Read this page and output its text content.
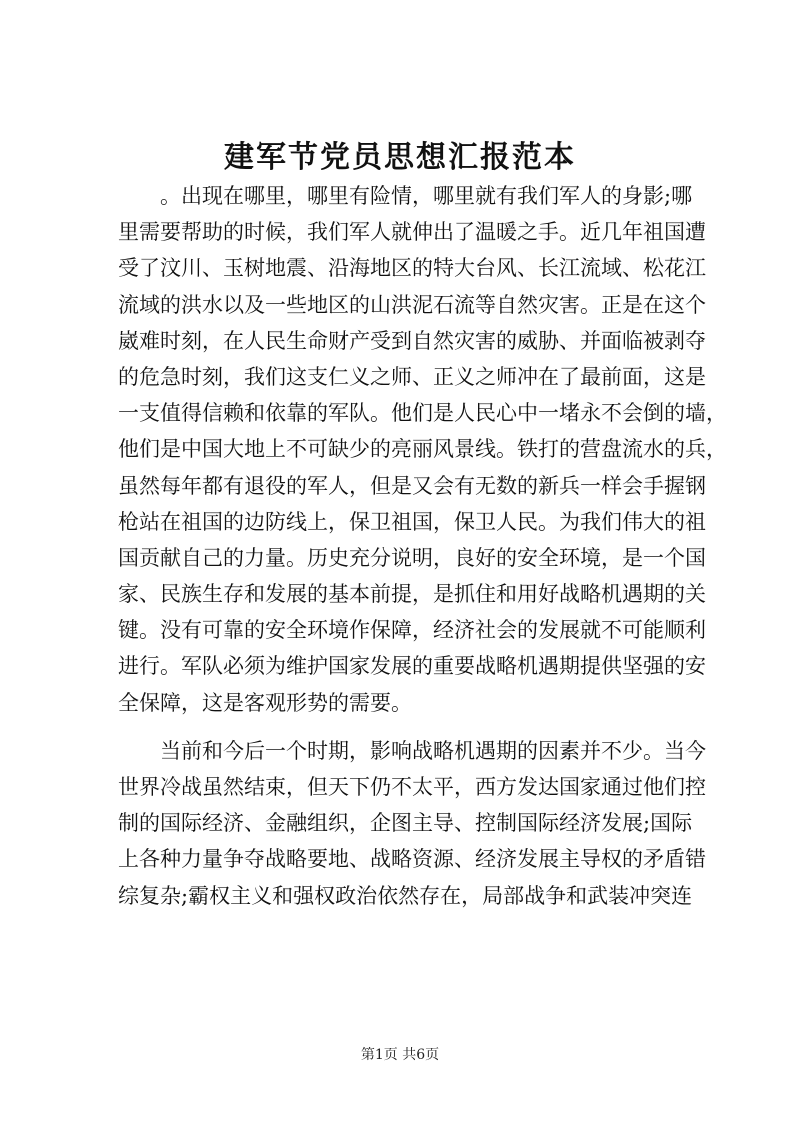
建军节党员思想汇报范本
　　。出现在哪里，哪里有险情，哪里就有我们军人的身影;哪
里需要帮助的时候，我们军人就伸出了温暖之手。近几年祖国遭
受了汶川、玉树地震、沿海地区的特大台风、长江流域、松花江
流域的洪水以及一些地区的山洪泥石流等自然灾害。正是在这个
崴难时刻，在人民生命财产受到自然灾害的威胁、并面临被剥夺
的危急时刻，我们这支仁义之师、正义之师冲在了最前面，这是
一支值得信赖和依靠的军队。他们是人民心中一堵永不会倒的墙，
他们是中国大地上不可缺少的亮丽风景线。铁打的营盘流水的兵，
虽然每年都有退役的军人，但是又会有无数的新兵一样会手握钢
枪站在祖国的边防线上，保卫祖国，保卫人民。为我们伟大的祖
国贡献自己的力量。历史充分说明，良好的安全环境，是一个国
家、民族生存和发展的基本前提，是抓住和用好战略机遇期的关
键。没有可靠的安全环境作保障，经济社会的发展就不可能顺利
进行。军队必须为维护国家发展的重要战略机遇期提供坚强的安
全保障，这是客观形势的需要。
　　当前和今后一个时期，影响战略机遇期的因素并不少。当今
世界冷战虽然结束，但天下仍不太平，西方发达国家通过他们控
制的国际经济、金融组织，企图主导、控制国际经济发展;国际
上各种力量争夺战略要地、战略资源、经济发展主导权的矛盾错
综复杂;霸权主义和强权政治依然存在，局部战争和武装冲突连
第1页 共6页
